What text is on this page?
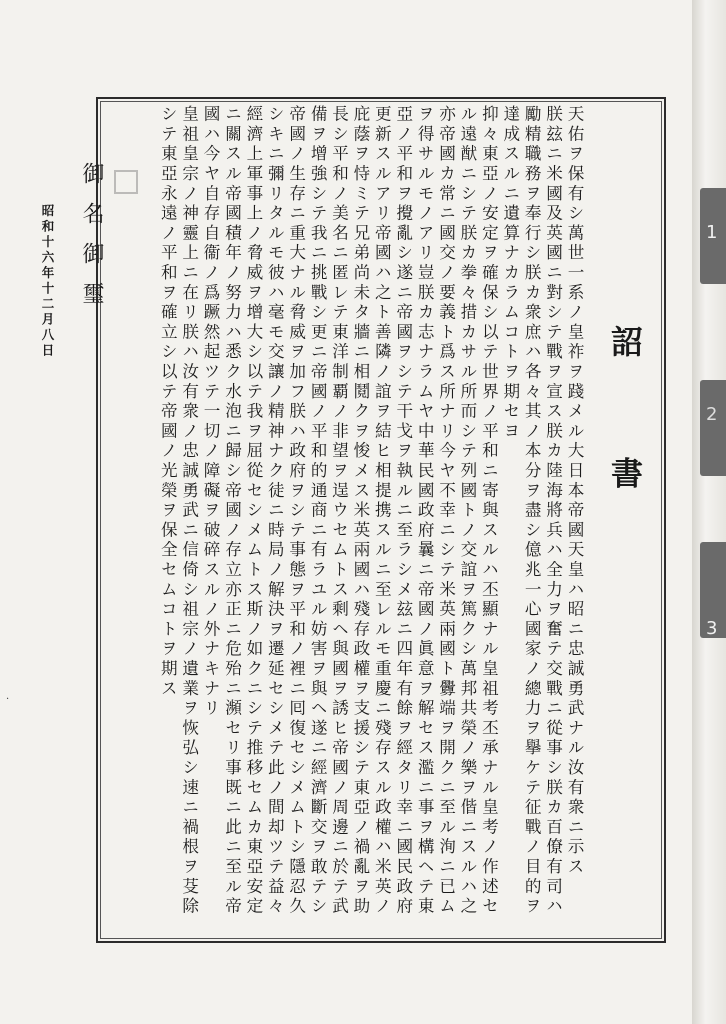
1
2
3
詔 書
天佑ヲ保有シ萬世一系ノ皇祚ヲ踐メル大日本帝國天皇ハ昭ニ忠誠勇武ナル汝有衆ニ示ス
朕玆ニ米國及英國ニ對シテ戰ヲ宣ス朕カ陸海將兵ハ全力ヲ奮テ交戰ニ從事シ朕カ百僚有司ハ
勵精職務ヲ奉行シ朕カ衆庶ハ各々其ノ本分ヲ盡シ億兆一心國家ノ總力ヲ擧ケテ征戰ノ目的ヲ
達成スルニ遺算ナカラムコトヲ期セヨ
抑々東亞ノ安定ヲ確保シ以テ世界ノ平和ニ寄與スルハ丕顯ナル皇祖考丕承ナル皇考ノ作述セ
ル遠猷ニシテ朕カ拳々措カサル所而シテ列國トノ交誼ヲ篤クシ萬邦共榮ノ樂ヲ偕ニスルハ之
亦帝國カ常ニ國交ノ要義ト爲ス所ナリ今ヤ不幸ニシテ米英兩國ト釁端ヲ開クニ至ル洵ニ已ム
ヲ得サルモノアリ豈朕カ志ナラムヤ中華民國政府曩ニ帝國ノ眞意ヲ解セス濫ニ事ヲ構ヘテ東
亞ノ平和ヲ攪亂シ遂ニ帝國ヲシテ干戈ヲ執ルニ至ラシメ玆ニ四年有餘ヲ經タリ幸ニ國民政府
更新スルアリ帝國ハ之ト善隣ノ誼ヲ結ヒ相提携スルニ至レルモ重慶ニ殘存スル政權ハ米英ノ
庇蔭ヲ恃ミテ兄弟尚未タ牆ニ相鬩クヲ悛メス米英兩國ハ殘存政權ヲ支援シテ東亞ノ禍亂ヲ助
長シ平和ノ美名ニ匿レテ東洋制覇ノ非望ヲ逞ウセムトス剩ヘ與國ヲ誘ヒ帝國ノ周邊ニ於テ武
備ヲ增強シテ我ニ挑戰シ更ニ帝國ノ平和的通商ニ有ラユル妨害ヲ與ヘ遂ニ經濟斷交ヲ敢テシ
帝國ノ生存ニ重大ナル脅威ヲ加フ朕ハ政府ヲシテ事態ヲ平和ノ裡ニ囘復セシメムトシ隱忍久
シキニ彌リタルモ彼ハ毫モ交讓ノ精神ナク徒ニ時局ノ解決ヲ遷延セシメテ此ノ間却ツテ益々
經濟上軍事上ノ脅威ヲ增大シ以テ我ヲ屈從セシメムトス斯ノ如クニシテ推移セムカ東亞安定
ニ關スル帝國積年ノ努力ハ悉ク水泡ニ歸シ帝國ノ存立亦正ニ危殆ニ瀕セリ事既ニ此ニ至ル帝
國ハ今ヤ自存自衞ノ爲蹶然起ツテ一切ノ障礙ヲ破碎スルノ外ナキナリ
皇祖皇宗ノ神靈上ニ在リ朕ハ汝有衆ノ忠誠勇武ニ信倚シ祖宗ノ遺業ヲ恢弘シ速ニ禍根ヲ芟除
シテ東亞永遠ノ平和ヲ確立シ以テ帝國ノ光榮ヲ保全セムコトヲ期ス
御名御璽
昭和十六年十二月八日
·
